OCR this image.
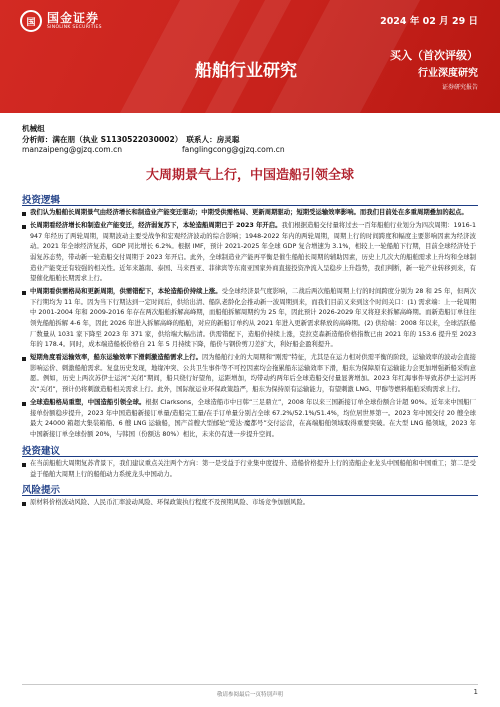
国 国金证券
SINOLINK SECURITIES
2024 年 02 月 29 日
船舶行业研究
买入（首次评级）
行业深度研究
证券研究报告
机械组
分析师： 满在朋（执业 S1130522030002） 联系人： 房灵聪
manzaipeng@gjzq.com.cn	fanglingcong@gjzq.com.cn
大周期景气上行，中国造船引领全球
投资逻辑
我们认为船舶长周期景气由经济增长和制造业产能变迁驱动；中期受供需格局、更新周期驱动；短期受运输效率影响。而我们目前处在多重周期叠加的起点。
长周期看经济增长和制造业产能变迁，经济弱复苏下，本轮造船周期已于 2023 年开启。我们根据造船交付量将过去一百年船舶行业划分为四次周期：1916-1947 年经历了两轮周期，周期波动主要受战争和宏观经济波动的综合影响；1948-2022 年内的两轮周期，周期上行的时间跨度和幅度主要影响因素为经济波动。2021 年全球经济复苏，GDP 同比增长 6.2%。根据 IMF，预计 2021-2025 年全球 GDP 复合增速为 3.1%，相较上一轮船舶下行期，目前全球经济处于弱复苏态势，带动新一轮造船交付周期于 2023 年开启。此外，全球制造业产能再平衡是催生船舶长周期的辅助因素，历史上几次大的船舶需求上升均和全球制造业产能变迁有较强的相关性。近年来越南、泰国、马来西亚、菲律宾等东南亚国家外商直接投资净流入呈稳步上升趋势，我们判断，新一轮产业转移到来，有望催化船舶长期需求上行。
中周期看供需格局和更新周期，供需错配下，本轮造船价持续上涨。受全球经济景气度影响，二战后两次船舶周期上行的时间跨度分别为 28 和 25 年，但两次下行期均为 11 年。因为当下行期达到一定时间后，供给出清、船队老龄化会推动新一波周期到来，而我们目前又来到这个时间关口：(1) 需求端：上一轮周期中 2001-2004 年和 2009-2016 年存在两次船舶拆解高峰期，而船舶拆解周期约为 25 年，因此预计 2026-2029 年又将迎来拆解高峰期。而新造船订单往往领先船舶拆解 4-6 年，因此 2026 年进入拆解高峰的船舶，对应的新船订单约从 2021 年进入更新需求释放的高峰期。(2) 供给端：2008 年以来，全球活跃船厂数量从 1031 家下降至 2023 年 371 家，供给端大幅出清。供需错配下，造船价持续上涨，克拉克森新造船价格指数已由 2021 年的 153.6 提升至 2023 年的 178.4。同时，成本端造船板价格自 21 年 5 月持续下降，船价与钢价剪刀差扩大，利好船企盈利提升。
短期角度看运输效率，船东运输效率下滑刺激造船需求上行。因为船舶行业的大周期和“刚需”特征，尤其是在运力相对供需平衡的阶段，运输效率的波动会直接影响运价、刺激船舶需求。复盘历史发现，地缘冲突、公共卫生事件等不可控因素均会拖累船东运输效率下滑，船东为保障原有运输能力会更加增强新船采购意愿。例如，历史上两次苏伊士运河“关闭”期间，船只绕行好望角，运距增加，均带动约两年后全球造船交付量显著增加。2023 年红海事件导致苏伊士运河再次“关闭”，预计仍将刺激造船相关需求上行。此外，国际航运业环保政策趋严，船东为保持原有运输能力，有望刺激 LNG、甲醇等燃料船舶采购需求上行。
全球造船格局重塑，中国造船引领全球。根据 Clarksons，全球造船市中日韩“三足鼎立”，2008 年以来三国新接订单全球份额合计超 90%。近年来中国船厂接单份额稳步提升，2023 年中国造船新接订单量/造船完工量/在手订单量分别占全球 67.2%/52.1%/51.4%，均位居世界第一。2023 年中国交付 20 艘全球最大 24000 箱超大集装箱船、6 艘 LNG 运输船，国产首艘大型邮轮“爱达·魔都号”交付运营，在高端船舶领域取得重要突破。在大型 LNG 船领域，2023 年中国新接订单全球份额 20%，与韩国（份额达 80%）相比，未来仍有进一步提升空间。
投资建议
在当前船舶大周期复苏背景下，我们建议重点关注两个方向：第一是受益于行业集中度提升、造船价格提升上行的造船企业龙头中国船舶和中国重工；第二是受益于船舶大周期上行的船舶动力系统龙头中国动力。
风险提示
原材料价格波动风险、人民币汇率波动风险、环保政策执行程度不及预期风险、市场竞争加剧风险。
敬请参阅最后一页特别声明	1
